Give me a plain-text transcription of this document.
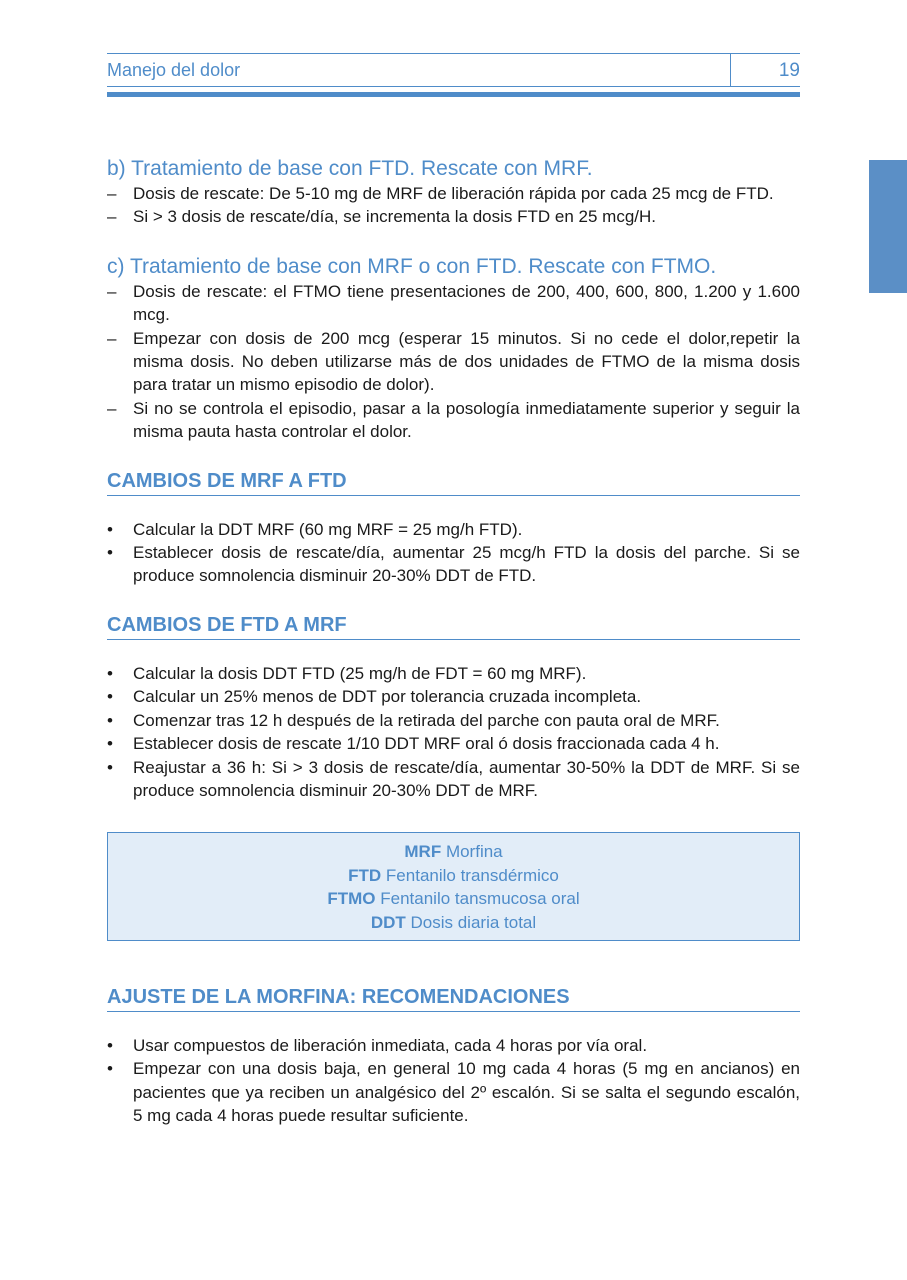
Manejo del dolor	19
b) Tratamiento de base con FTD. Rescate con MRF.
– Dosis de rescate: De 5-10 mg de MRF de liberación rápida por cada 25 mcg de FTD.
– Si > 3 dosis de rescate/día, se incrementa la dosis FTD en 25 mcg/H.
c) Tratamiento de base con MRF o con FTD. Rescate con FTMO.
– Dosis de rescate: el FTMO tiene presentaciones de 200, 400, 600, 800, 1.200 y 1.600 mcg.
– Empezar con dosis de 200 mcg (esperar 15 minutos. Si no cede el dolor,repetir la misma dosis. No deben utilizarse más de dos unidades de FTMO de la misma dosis para tratar un mismo episodio de dolor).
– Si no se controla el episodio, pasar a la posología inmediatamente superior y seguir la misma pauta hasta controlar el dolor.
CAMBIOS DE MRF A FTD
• Calcular la DDT MRF (60 mg MRF = 25 mg/h FTD).
• Establecer dosis de rescate/día, aumentar 25 mcg/h FTD la dosis del parche. Si se produce somnolencia disminuir 20-30% DDT de FTD.
CAMBIOS DE FTD A MRF
• Calcular la dosis DDT FTD (25 mg/h de FDT = 60 mg MRF).
• Calcular un 25% menos de DDT por tolerancia cruzada incompleta.
• Comenzar tras 12 h después de la retirada del parche con pauta oral de MRF.
• Establecer dosis de rescate 1/10 DDT MRF oral ó dosis fraccionada cada 4 h.
• Reajustar a 36 h: Si > 3 dosis de rescate/día, aumentar 30-50% la DDT de MRF. Si se produce somnolencia disminuir 20-30% DDT de MRF.
MRF Morfina
FTD Fentanilo transdérmico
FTMO Fentanilo tansmucosa oral
DDT Dosis diaria total
AJUSTE DE LA MORFINA: RECOMENDACIONES
• Usar compuestos de liberación inmediata, cada 4 horas por vía oral.
• Empezar con una dosis baja, en general 10 mg cada 4 horas (5 mg en ancianos) en pacientes que ya reciben un analgésico del 2º escalón. Si se salta el segundo escalón, 5 mg cada 4 horas puede resultar suficiente.
